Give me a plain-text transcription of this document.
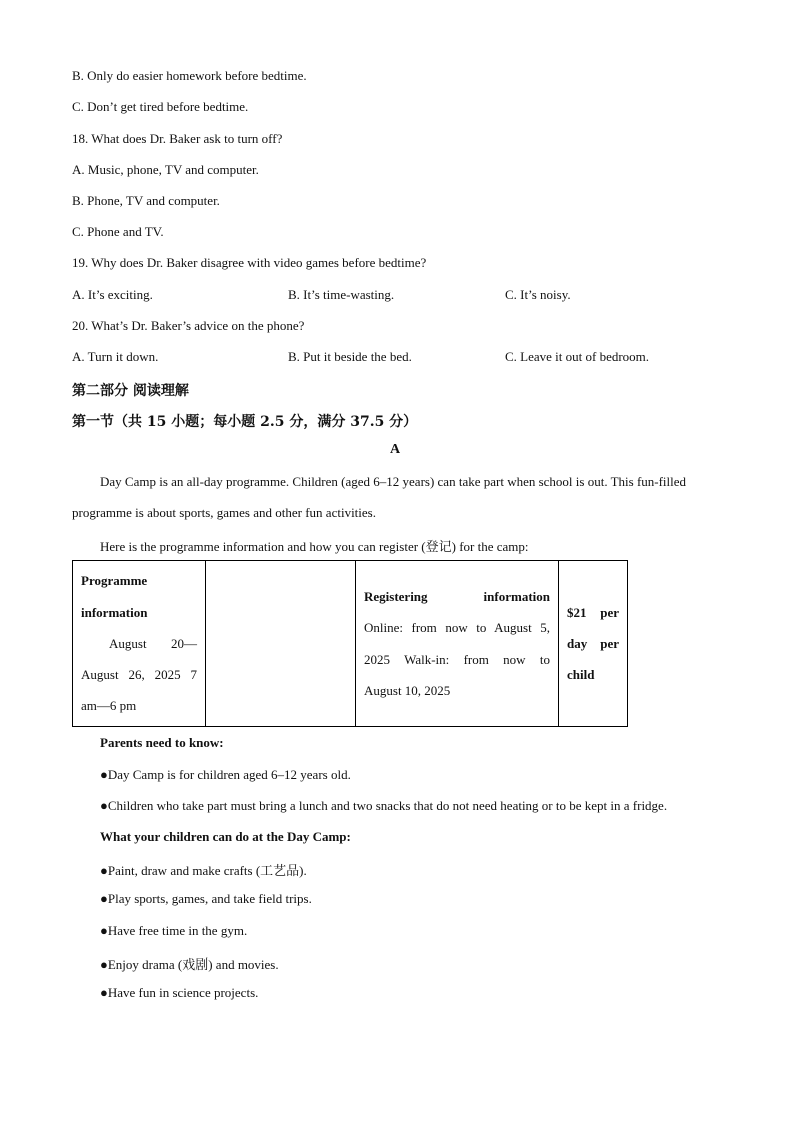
B. Only do easier homework before bedtime.
C. Don’t get tired before bedtime.
18. What does Dr. Baker ask to turn off?
A. Music, phone, TV and computer.
B. Phone, TV and computer.
C. Phone and TV.
19. Why does Dr. Baker disagree with video games before bedtime?
A. It’s exciting.	B. It’s time-wasting.	C. It’s noisy.
20. What’s Dr. Baker’s advice on the phone?
A. Turn it down.	B. Put it beside the bed.	C. Leave it out of bedroom.
第二部分 阅读理解
第一节（共 15 小题；每小题 2.5 分，满分 37.5 分）
A
Day Camp is an all-day programme. Children (aged 6–12 years) can take part when school is out. This fun-filled
programme is about sports, games and other fun activities.
Here is the programme information and how you can register (登记) for the camp:
Programme
information
August 20—
August 26, 2025 7
am—6 pm

Registering information
Online: from now to August 5,
2025 Walk-in: from now to
August 10, 2025

$21 per
day per
child
Parents need to know:
●Day Camp is for children aged 6–12 years old.
●Children who take part must bring a lunch and two snacks that do not need heating or to be kept in a fridge.
What your children can do at the Day Camp:
●Paint, draw and make crafts (工艺品).
●Play sports, games, and take field trips.
●Have free time in the gym.
●Enjoy drama (戏剧) and movies.
●Have fun in science projects.
